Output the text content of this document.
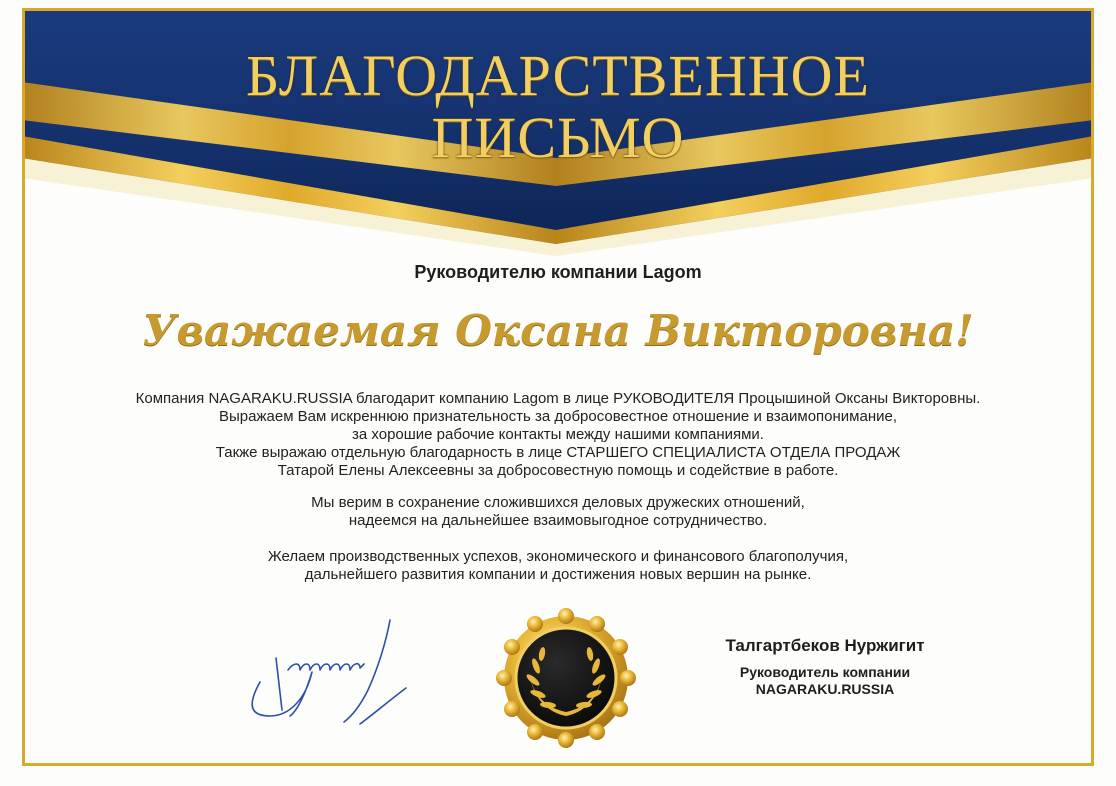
БЛАГОДАРСТВЕННОЕ
ПИСЬМО
Руководителю компании Lagom
Уважаемая Оксана Викторовна!
Компания NAGARAKU.RUSSIA благодарит компанию Lagom в лице РУКОВОДИТЕЛЯ Процышиной Оксаны Викторовны.
Выражаем Вам искреннюю признательность за добросовестное отношение и взаимопонимание,
за хорошие рабочие контакты между нашими компаниями.
Также выражаю отдельную благодарность в лице СТАРШЕГО СПЕЦИАЛИСТА ОТДЕЛА ПРОДАЖ
Татарой Елены Алексеевны за добросовестную помощь и содействие в работе.
Мы верим в сохранение сложившихся деловых дружеских отношений,
надеемся на дальнейшее взаимовыгодное сотрудничество.
Желаем производственных успехов, экономического и финансового благополучия,
дальнейшего развития компании и достижения новых вершин на рынке.
Талгартбеков Нуржигит
Руководитель компании
NAGARAKU.RUSSIA
